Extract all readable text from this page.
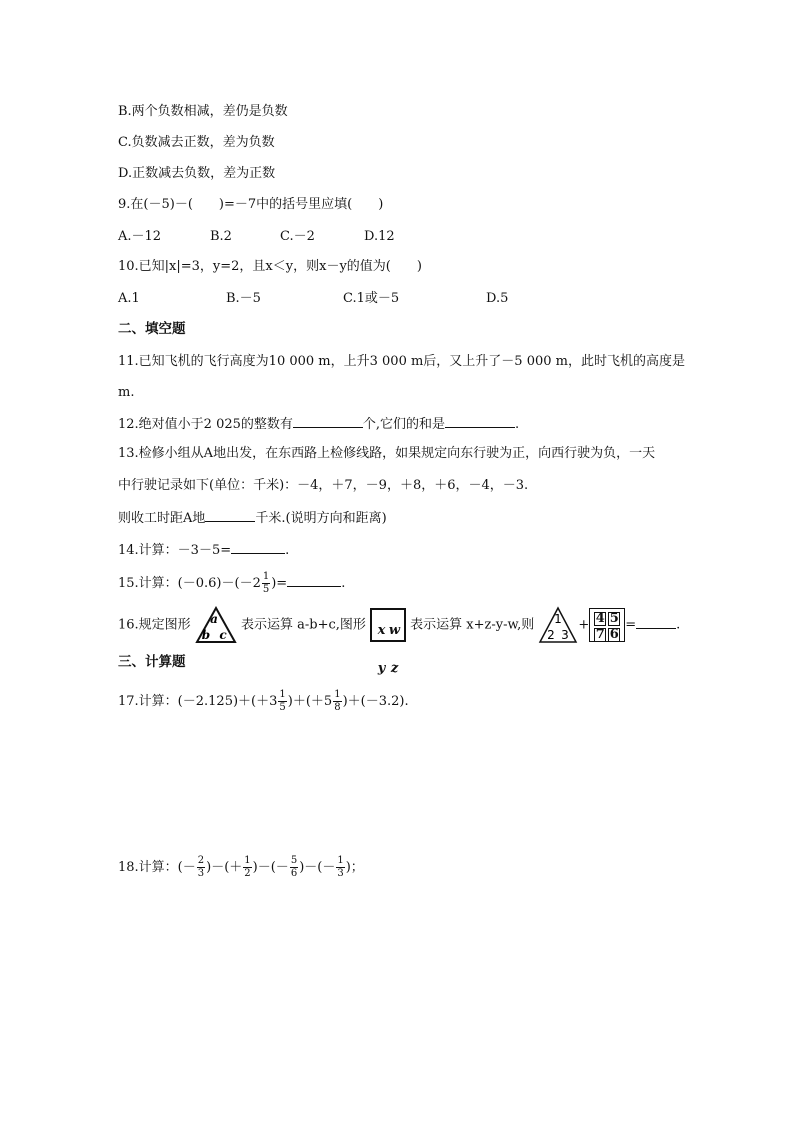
B.两个负数相减，差仍是负数
C.负数减去正数，差为负数
D.正数减去负数，差为正数
9.在(－5)－(　　)=－7中的括号里应填(　　)
A.－12	B.2	C.－2	D.12
10.已知|x|=3，y=2，且x＜y，则x－y的值为(　　)
A.1	B.－5	C.1或－5	D.5
二、填空题
11.已知飞机的飞行高度为10 000 m，上升3 000 m后，又上升了－5 000 m，此时飞机的高度是
m.
12.绝对值小于2 025的整数有	个,它们的和是	.
13.检修小组从A地出发，在东西路上检修线路，如果规定向东行驶为正，向西行驶为负，一天
中行驶记录如下(单位：千米)：－4，＋7，－9，＋8，＋6，－4，－3.
则收工时距A地	千米.(说明方向和距离)
14.计算：－3－5=	.
15.计算：$(-0.6)-(-2 \frac{1}{5}$ )=	.
16.规定图形 a
b c
表示运算 a-b+c,图形 x w
y z
表示运算 x+z-y-w,则 1
2 3
+ 4 5
7 6
=	.
三、计算题
17.计算：$(-2.125)+(+3 \frac{1}{5} )+(+5 \frac{1}{8} )+(-3.2)$.
18.计算：(－ $\frac{2}{3}$ )－(＋ $\frac{1}{2}$ )－(－ $\frac{5}{6}$ )－(－ $\frac{1}{3}$ )；
